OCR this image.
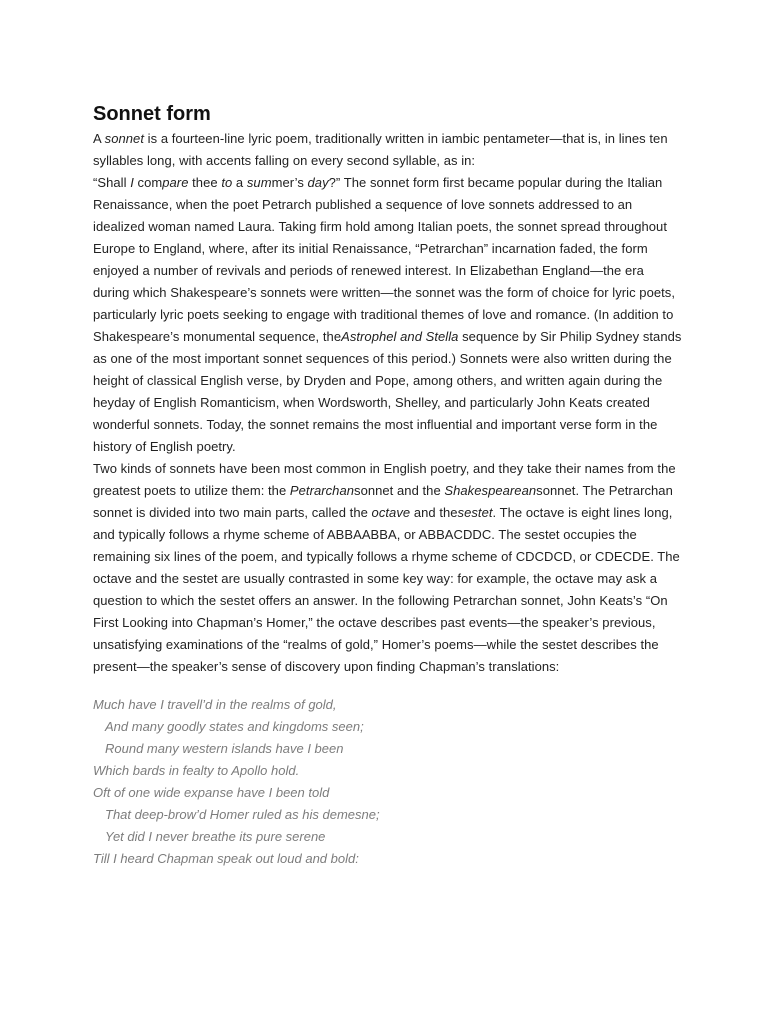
Sonnet form

A sonnet is a fourteen-line lyric poem, traditionally written in iambic pentameter—that is, in lines ten syllables long, with accents falling on every second syllable, as in:
“Shall I compare thee to a summer’s day?” The sonnet form first became popular during the Italian Renaissance, when the poet Petrarch published a sequence of love sonnets addressed to an idealized woman named Laura. Taking firm hold among Italian poets, the sonnet spread throughout Europe to England, where, after its initial Renaissance, “Petrarchan” incarnation faded, the form enjoyed a number of revivals and periods of renewed interest. In Elizabethan England—the era during which Shakespeare’s sonnets were written—the sonnet was the form of choice for lyric poets, particularly lyric poets seeking to engage with traditional themes of love and romance. (In addition to Shakespeare’s monumental sequence, theAstrophel and Stella sequence by Sir Philip Sydney stands as one of the most important sonnet sequences of this period.) Sonnets were also written during the height of classical English verse, by Dryden and Pope, among others, and written again during the heyday of English Romanticism, when Wordsworth, Shelley, and particularly John Keats created wonderful sonnets. Today, the sonnet remains the most influential and important verse form in the history of English poetry.

Two kinds of sonnets have been most common in English poetry, and they take their names from the greatest poets to utilize them: the Petrarchansonnet and the Shakespeareansonnet. The Petrarchan sonnet is divided into two main parts, called the octave and thesestet. The octave is eight lines long, and typically follows a rhyme scheme of ABBAABBA, or ABBACDDC. The sestet occupies the remaining six lines of the poem, and typically follows a rhyme scheme of CDCDCD, or CDECDE. The octave and the sestet are usually contrasted in some key way: for example, the octave may ask a question to which the sestet offers an answer. In the following Petrarchan sonnet, John Keats’s “On First Looking into Chapman’s Homer,” the octave describes past events—the speaker’s previous, unsatisfying examinations of the “realms of gold,” Homer’s poems—while the sestet describes the present—the speaker’s sense of discovery upon finding Chapman’s translations:

Much have I travell’d in the realms of gold,
And many goodly states and kingdoms seen;
Round many western islands have I been
Which bards in fealty to Apollo hold.
Oft of one wide expanse have I been told
That deep-brow’d Homer ruled as his demesne;
Yet did I never breathe its pure serene
Till I heard Chapman speak out loud and bold:
